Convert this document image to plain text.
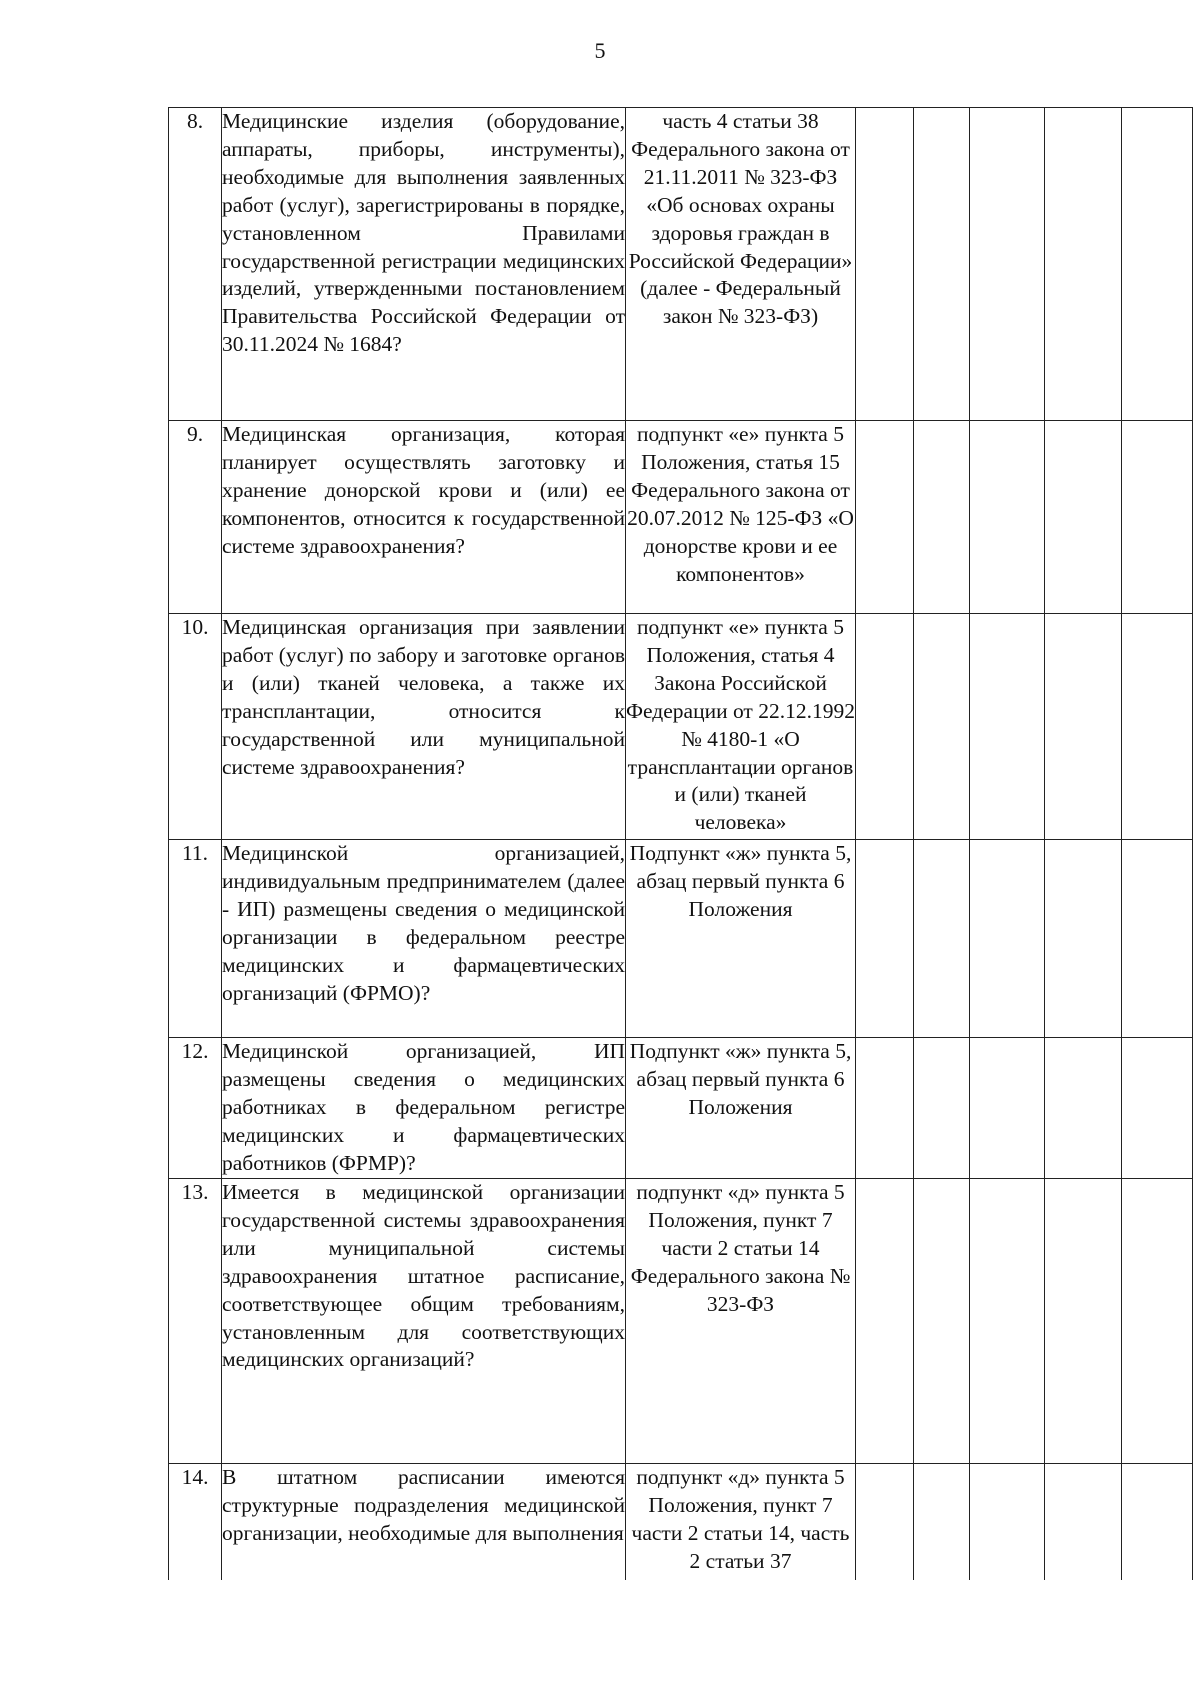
5
8.	Медицинские изделия (оборудование, аппараты, приборы, инструменты), необходимые для выполнения заявленных работ (услуг), зарегистрированы в порядке, установленном Правилами государственной регистрации медицинских изделий, утвержденными постановлением Правительства Российской Федерации от 30.11.2024 № 1684?	часть 4 статьи 38 Федерального закона от 21.11.2011 № 323-ФЗ «Об основах охраны здоровья граждан в Российской Федерации» (далее - Федеральный закон № 323-ФЗ)					
9.	Медицинская организация, которая планирует осуществлять заготовку и хранение донорской крови и (или) ее компонентов, относится к государственной системе здравоохранения?	подпункт «е» пункта 5 Положения, статья 15 Федерального закона от 20.07.2012 № 125-ФЗ «О донорстве крови и ее компонентов»					
10.	Медицинская организация при заявлении работ (услуг) по забору и заготовке органов и (или) тканей человека, а также их трансплантации, относится к государственной или муниципальной системе здравоохранения?	подпункт «е» пункта 5 Положения, статья 4 Закона Российской Федерации от 22.12.1992 № 4180-1 «О трансплантации органов и (или) тканей человека»					
11.	Медицинской организацией, индивидуальным предпринимателем (далее - ИП) размещены сведения о медицинской организации в федеральном реестре медицинских и фармацевтических организаций (ФРМО)?	Подпункт «ж» пункта 5, абзац первый пункта 6 Положения					
12.	Медицинской организацией, ИП размещены сведения о медицинских работниках в федеральном регистре медицинских и фармацевтических работников (ФРМР)?	Подпункт «ж» пункта 5, абзац первый пункта 6 Положения					
13.	Имеется в медицинской организации государственной системы здравоохранения или муниципальной системы здравоохранения штатное расписание, соответствующее общим требованиям, установленным для соответствующих медицинских организаций?	подпункт «д» пункта 5 Положения, пункт 7 части 2 статьи 14 Федерального закона № 323-ФЗ					
14.	В штатном расписании имеются структурные подразделения медицинской организации, необходимые для выполнения	подпункт «д» пункта 5 Положения, пункт 7 части 2 статьи 14, часть 2 статьи 37					
